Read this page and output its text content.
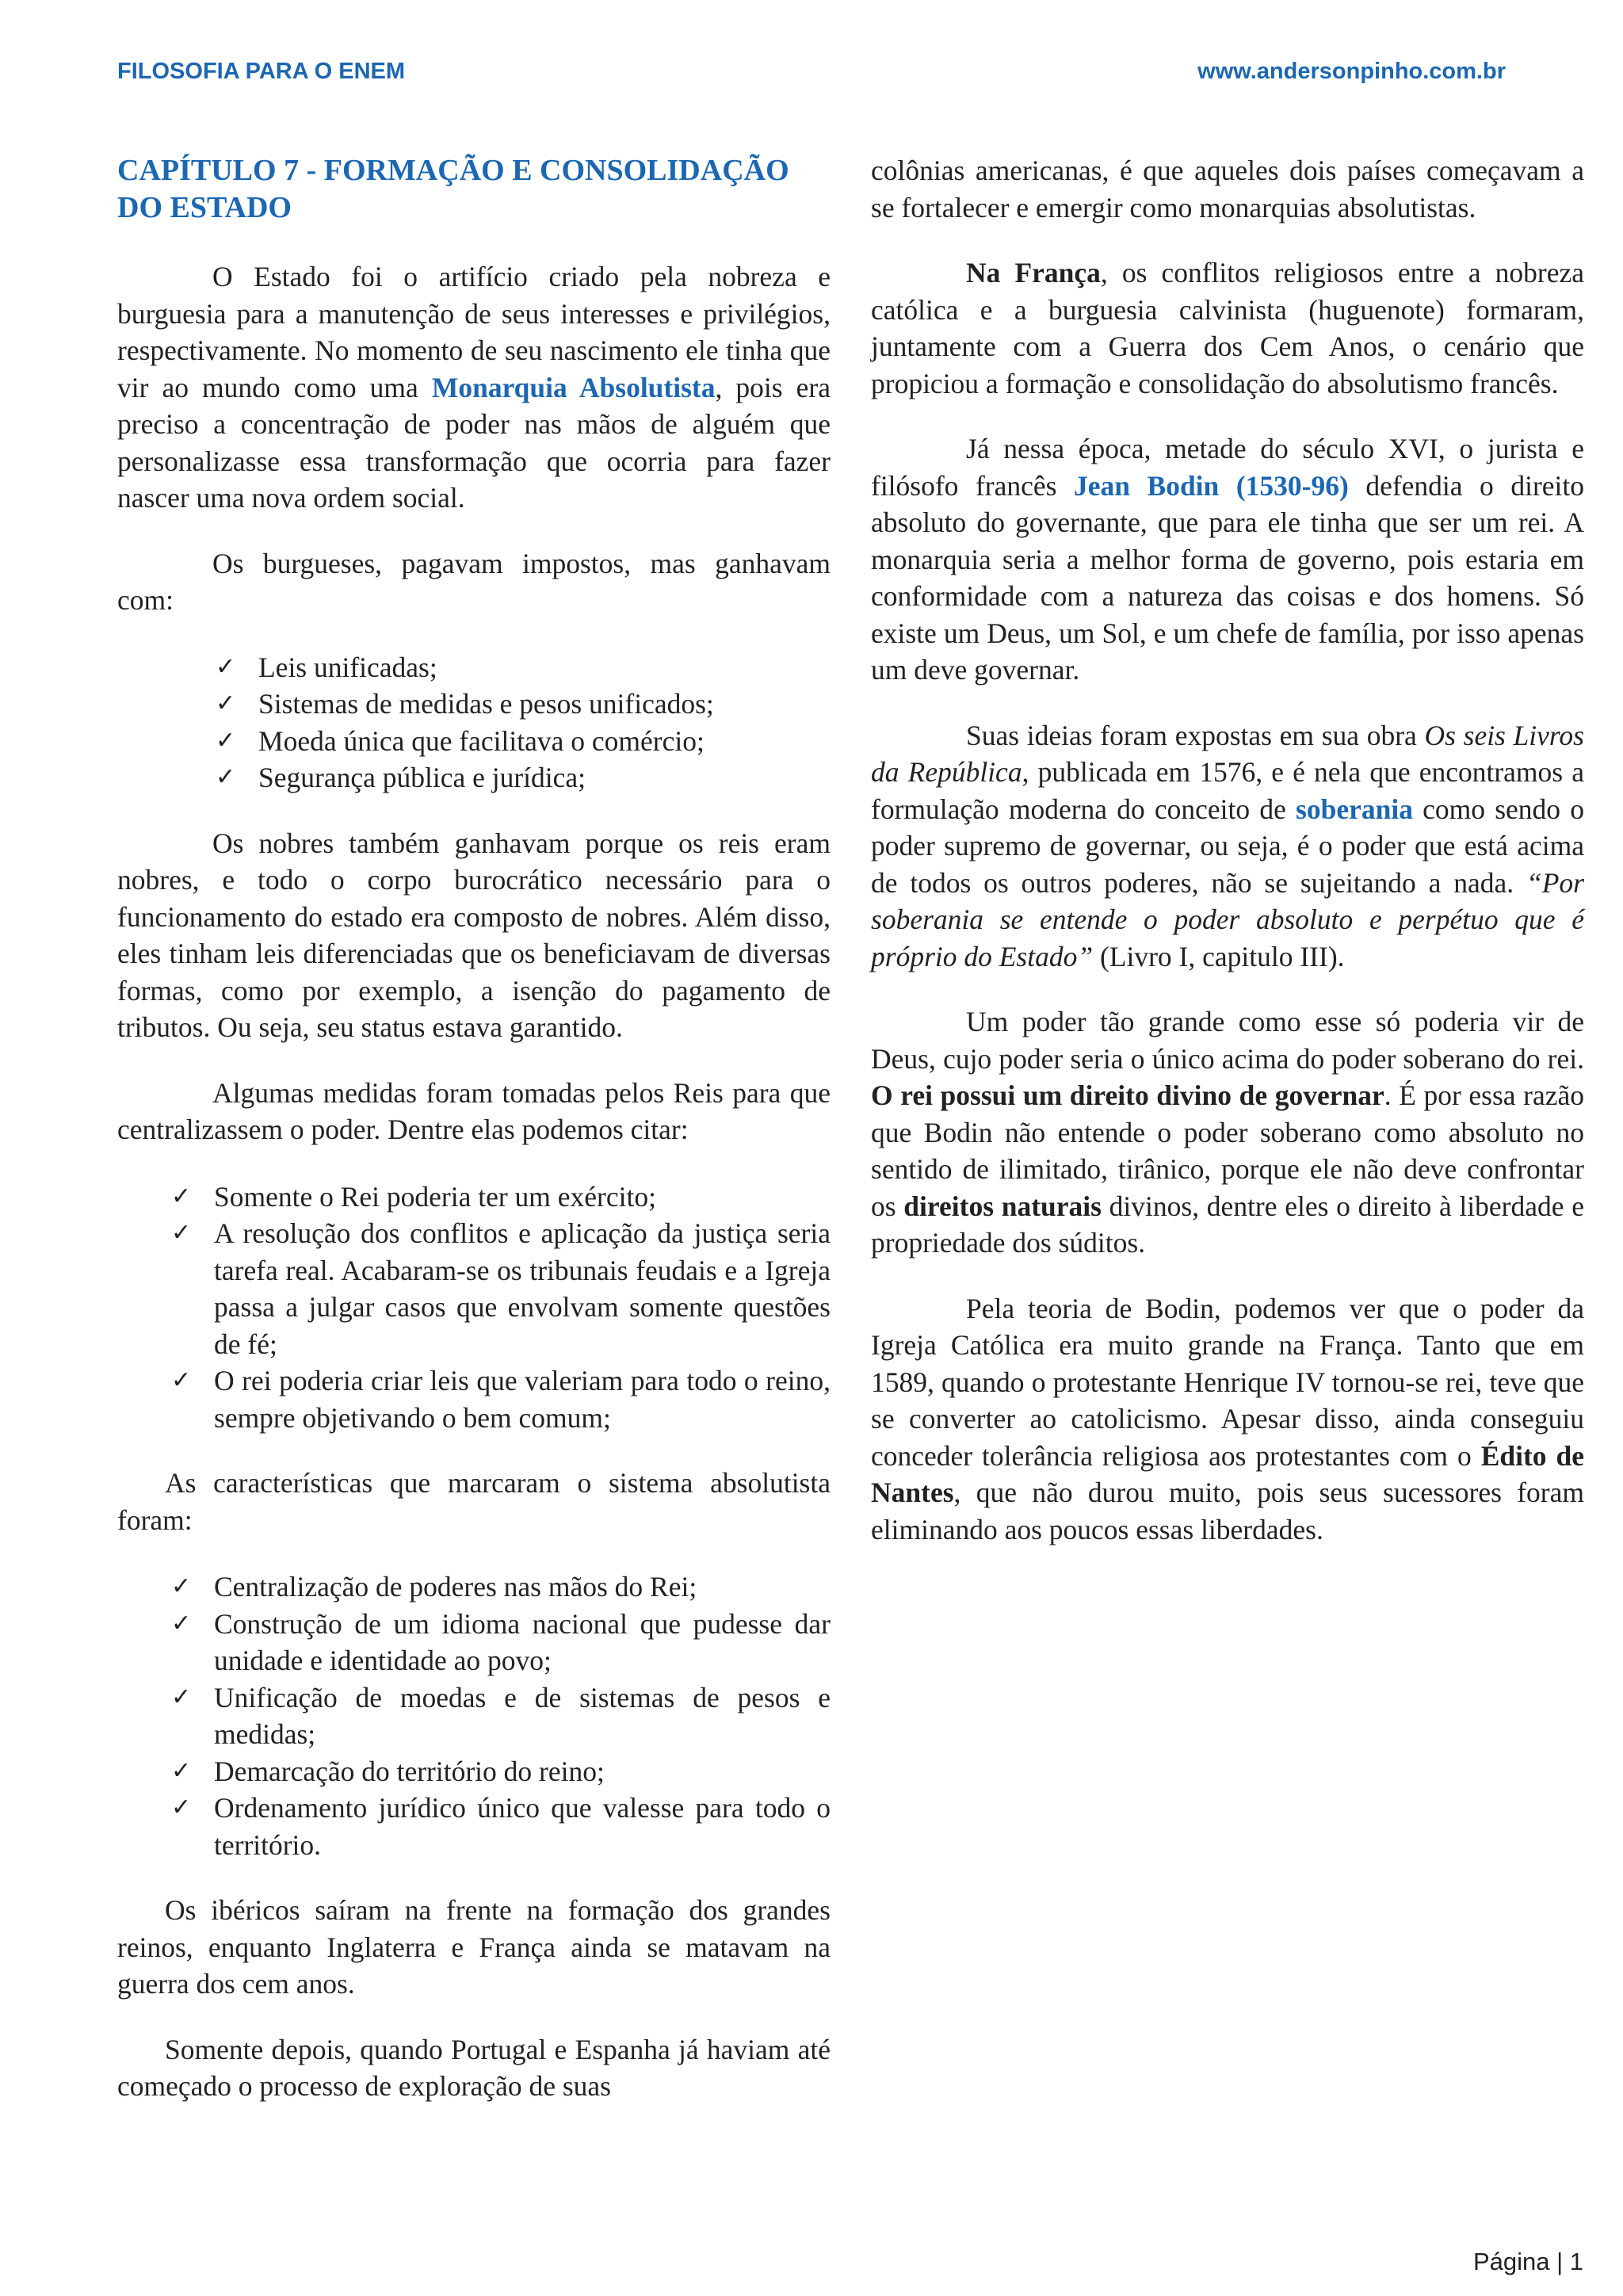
FILOSOFIA PARA O ENEM	www.andersonpinho.com.br
CAPÍTULO 7 - FORMAÇÃO E CONSOLIDAÇÃO DO ESTADO

O Estado foi o artifício criado pela nobreza e burguesia para a manutenção de seus interesses e privilégios, respectivamente. No momento de seu nascimento ele tinha que vir ao mundo como uma Monarquia Absolutista, pois era preciso a concentração de poder nas mãos de alguém que personalizasse essa transformação que ocorria para fazer nascer uma nova ordem social.

Os burgueses, pagavam impostos, mas ganhavam com:

✓ Leis unificadas;
✓ Sistemas de medidas e pesos unificados;
✓ Moeda única que facilitava o comércio;
✓ Segurança pública e jurídica;

Os nobres também ganhavam porque os reis eram nobres, e todo o corpo burocrático necessário para o funcionamento do estado era composto de nobres. Além disso, eles tinham leis diferenciadas que os beneficiavam de diversas formas, como por exemplo, a isenção do pagamento de tributos. Ou seja, seu status estava garantido.

Algumas medidas foram tomadas pelos Reis para que centralizassem o poder. Dentre elas podemos citar:

✓ Somente o Rei poderia ter um exército;
✓ A resolução dos conflitos e aplicação da justiça seria tarefa real. Acabaram-se os tribunais feudais e a Igreja passa a julgar casos que envolvam somente questões de fé;
✓ O rei poderia criar leis que valeriam para todo o reino, sempre objetivando o bem comum;

As características que marcaram o sistema absolutista foram:

✓ Centralização de poderes nas mãos do Rei;
✓ Construção de um idioma nacional que pudesse dar unidade e identidade ao povo;
✓ Unificação de moedas e de sistemas de pesos e medidas;
✓ Demarcação do território do reino;
✓ Ordenamento jurídico único que valesse para todo o território.

Os ibéricos saíram na frente na formação dos grandes reinos, enquanto Inglaterra e França ainda se matavam na guerra dos cem anos.

Somente depois, quando Portugal e Espanha já haviam até começado o processo de exploração de suas

colônias americanas, é que aqueles dois países começavam a se fortalecer e emergir como monarquias absolutistas.

Na França, os conflitos religiosos entre a nobreza católica e a burguesia calvinista (huguenote) formaram, juntamente com a Guerra dos Cem Anos, o cenário que propiciou a formação e consolidação do absolutismo francês.

Já nessa época, metade do século XVI, o jurista e filósofo francês Jean Bodin (1530-96) defendia o direito absoluto do governante, que para ele tinha que ser um rei. A monarquia seria a melhor forma de governo, pois estaria em conformidade com a natureza das coisas e dos homens. Só existe um Deus, um Sol, e um chefe de família, por isso apenas um deve governar.

Suas ideias foram expostas em sua obra Os seis Livros da República, publicada em 1576, e é nela que encontramos a formulação moderna do conceito de soberania como sendo o poder supremo de governar, ou seja, é o poder que está acima de todos os outros poderes, não se sujeitando a nada. “Por soberania se entende o poder absoluto e perpétuo que é próprio do Estado” (Livro I, capitulo III).

Um poder tão grande como esse só poderia vir de Deus, cujo poder seria o único acima do poder soberano do rei. O rei possui um direito divino de governar. É por essa razão que Bodin não entende o poder soberano como absoluto no sentido de ilimitado, tirânico, porque ele não deve confrontar os direitos naturais divinos, dentre eles o direito à liberdade e propriedade dos súditos.

Pela teoria de Bodin, podemos ver que o poder da Igreja Católica era muito grande na França. Tanto que em 1589, quando o protestante Henrique IV tornou-se rei, teve que se converter ao catolicismo. Apesar disso, ainda conseguiu conceder tolerância religiosa aos protestantes com o Édito de Nantes, que não durou muito, pois seus sucessores foram eliminando aos poucos essas liberdades.

Página | 1
